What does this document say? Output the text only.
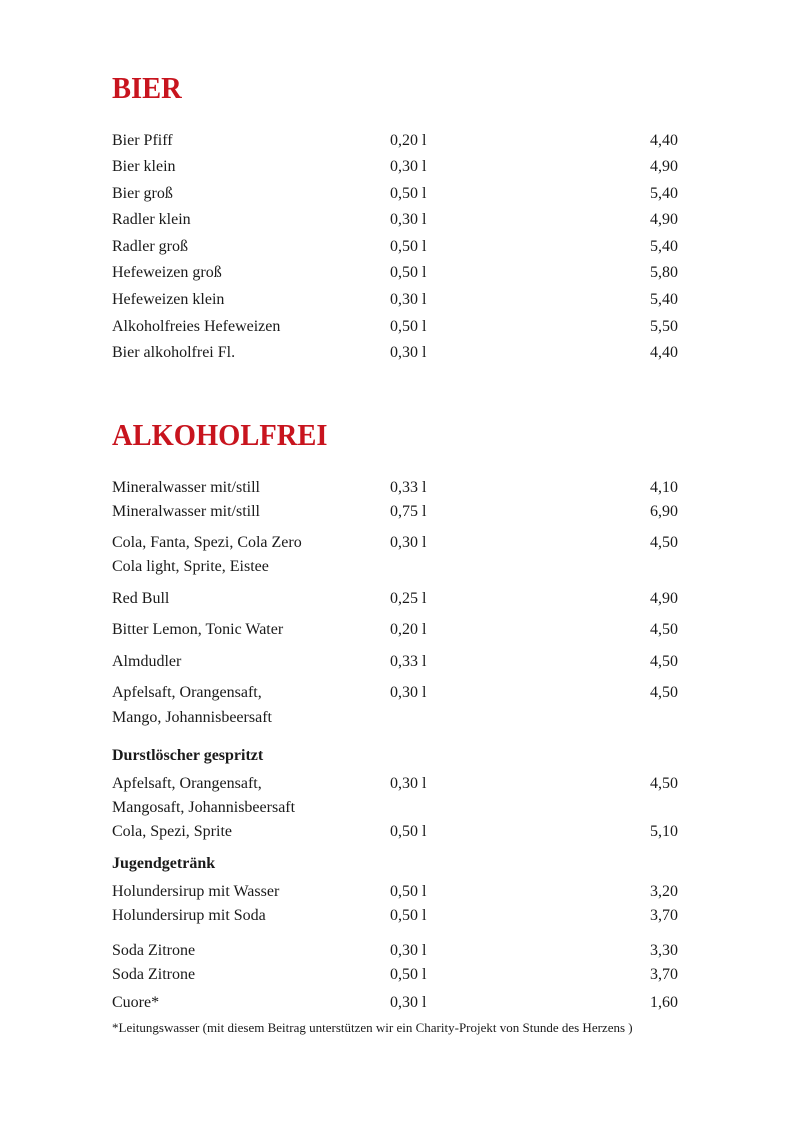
BIER
Bier Pfiff	0,20 l	4,40
Bier klein	0,30 l	4,90
Bier groß	0,50 l	5,40
Radler klein	0,30 l	4,90
Radler groß	0,50 l	5,40
Hefeweizen groß	0,50 l	5,80
Hefeweizen klein	0,30 l	5,40
Alkoholfreies Hefeweizen	0,50 l	5,50
Bier alkoholfrei Fl.	0,30 l	4,40
ALKOHOLFREI
Mineralwasser mit/still	0,33 l	4,10
Mineralwasser mit/still	0,75 l	6,90
Cola, Fanta, Spezi, Cola Zero	0,30 l	4,50
Cola light, Sprite, Eistee
Red Bull	0,25 l	4,90
Bitter Lemon, Tonic Water	0,20 l	4,50
Almdudler	0,33 l	4,50
Apfelsaft, Orangensaft,	0,30 l	4,50
Mango, Johannisbeersaft
Durstlöscher gespritzt
Apfelsaft, Orangensaft,	0,30 l	4,50
Mangosaft, Johannisbeersaft
Cola, Spezi, Sprite	0,50 l	5,10
Jugendgetränk
Holundersirup mit Wasser	0,50 l	3,20
Holundersirup mit Soda	0,50 l	3,70
Soda Zitrone	0,30 l	3,30
Soda Zitrone	0,50 l	3,70
Cuore*	0,30 l	1,60
*Leitungswasser (mit diesem Beitrag unterstützen wir ein Charity-Projekt von Stunde des Herzens )
